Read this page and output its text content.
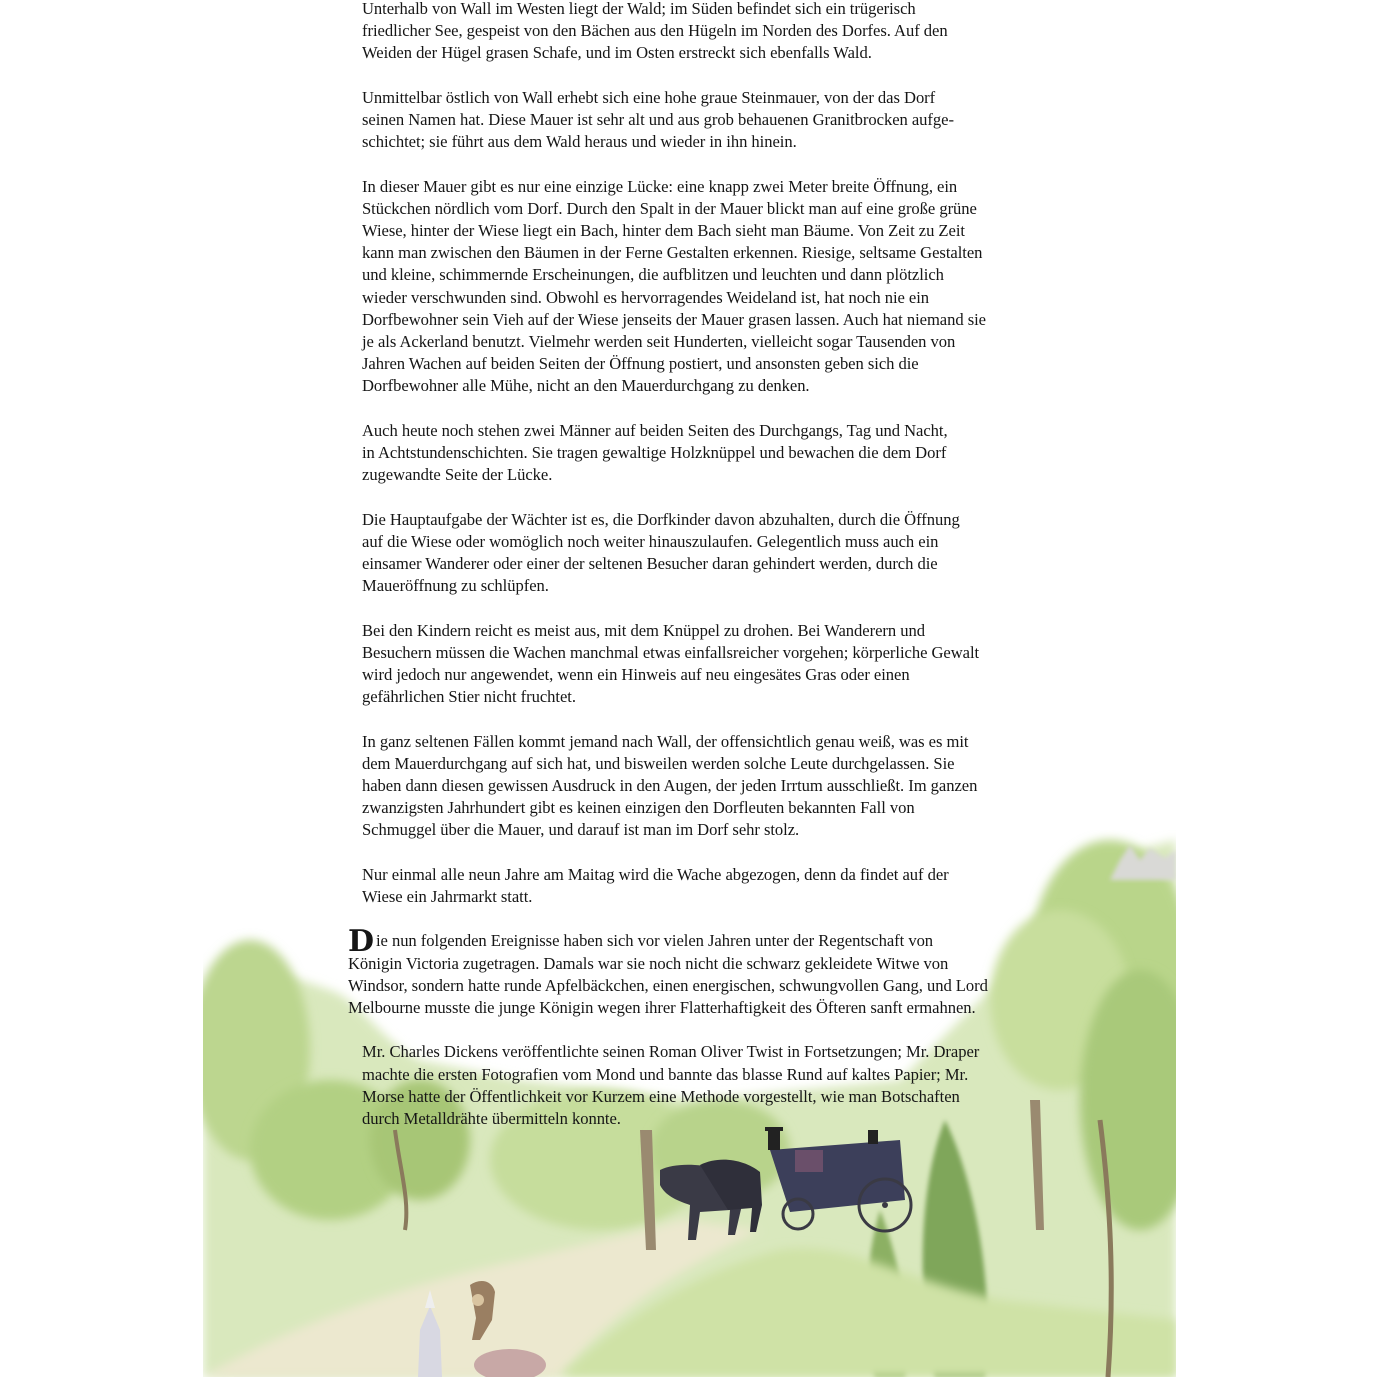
Unterhalb von Wall im Westen liegt der Wald; im Süden befindet sich ein trügerisch
friedlicher See, gespeist von den Bächen aus den Hügeln im Norden des Dorfes. Auf den
Weiden der Hügel grasen Schafe, und im Osten erstreckt sich ebenfalls Wald.

Unmittelbar östlich von Wall erhebt sich eine hohe graue Steinmauer, von der das Dorf
seinen Namen hat. Diese Mauer ist sehr alt und aus grob behauenen Granitbrocken aufge-
schichtet; sie führt aus dem Wald heraus und wieder in ihn hinein.

In dieser Mauer gibt es nur eine einzige Lücke: eine knapp zwei Meter breite Öffnung, ein
Stückchen nördlich vom Dorf. Durch den Spalt in der Mauer blickt man auf eine große grüne
Wiese, hinter der Wiese liegt ein Bach, hinter dem Bach sieht man Bäume. Von Zeit zu Zeit
kann man zwischen den Bäumen in der Ferne Gestalten erkennen. Riesige, seltsame Gestalten
und kleine, schimmernde Erscheinungen, die aufblitzen und leuchten und dann plötzlich
wieder verschwunden sind. Obwohl es hervorragendes Weideland ist, hat noch nie ein
Dorfbewohner sein Vieh auf der Wiese jenseits der Mauer grasen lassen. Auch hat niemand sie
je als Ackerland benutzt. Vielmehr werden seit Hunderten, vielleicht sogar Tausenden von
Jahren Wachen auf beiden Seiten der Öffnung postiert, und ansonsten geben sich die
Dorfbewohner alle Mühe, nicht an den Mauerdurchgang zu denken.

Auch heute noch stehen zwei Männer auf beiden Seiten des Durchgangs, Tag und Nacht,
in Achtstundenschichten. Sie tragen gewaltige Holzknüppel und bewachen die dem Dorf
zugewandte Seite der Lücke.

Die Hauptaufgabe der Wächter ist es, die Dorfkinder davon abzuhalten, durch die Öffnung
auf die Wiese oder womöglich noch weiter hinauszulaufen. Gelegentlich muss auch ein
einsamer Wanderer oder einer der seltenen Besucher daran gehindert werden, durch die
Maueröffnung zu schlüpfen.

Bei den Kindern reicht es meist aus, mit dem Knüppel zu drohen. Bei Wanderern und
Besuchern müssen die Wachen manchmal etwas einfallsreicher vorgehen; körperliche Gewalt
wird jedoch nur angewendet, wenn ein Hinweis auf neu eingesätes Gras oder einen
gefährlichen Stier nicht fruchtet.

In ganz seltenen Fällen kommt jemand nach Wall, der offensichtlich genau weiß, was es mit
dem Mauerdurchgang auf sich hat, und bisweilen werden solche Leute durchgelassen. Sie
haben dann diesen gewissen Ausdruck in den Augen, der jeden Irrtum ausschließt. Im ganzen
zwanzigsten Jahrhundert gibt es keinen einzigen den Dorfleuten bekannten Fall von
Schmuggel über die Mauer, und darauf ist man im Dorf sehr stolz.

Nur einmal alle neun Jahre am Maitag wird die Wache abgezogen, denn da findet auf der
Wiese ein Jahrmarkt statt.

D ie nun folgenden Ereignisse haben sich vor vielen Jahren unter der Regentschaft von
Königin Victoria zugetragen. Damals war sie noch nicht die schwarz gekleidete Witwe von
Windsor, sondern hatte runde Apfelbäckchen, einen energischen, schwungvollen Gang, und Lord
Melbourne musste die junge Königin wegen ihrer Flatterhaftigkeit des Öfteren sanft ermahnen.

Mr. Charles Dickens veröffentlichte seinen Roman Oliver Twist in Fortsetzungen; Mr. Draper
machte die ersten Fotografien vom Mond und bannte das blasse Rund auf kaltes Papier; Mr.
Morse hatte der Öffentlichkeit vor Kurzem eine Methode vorgestellt, wie man Botschaften
durch Metalldrähte übermitteln konnte.
